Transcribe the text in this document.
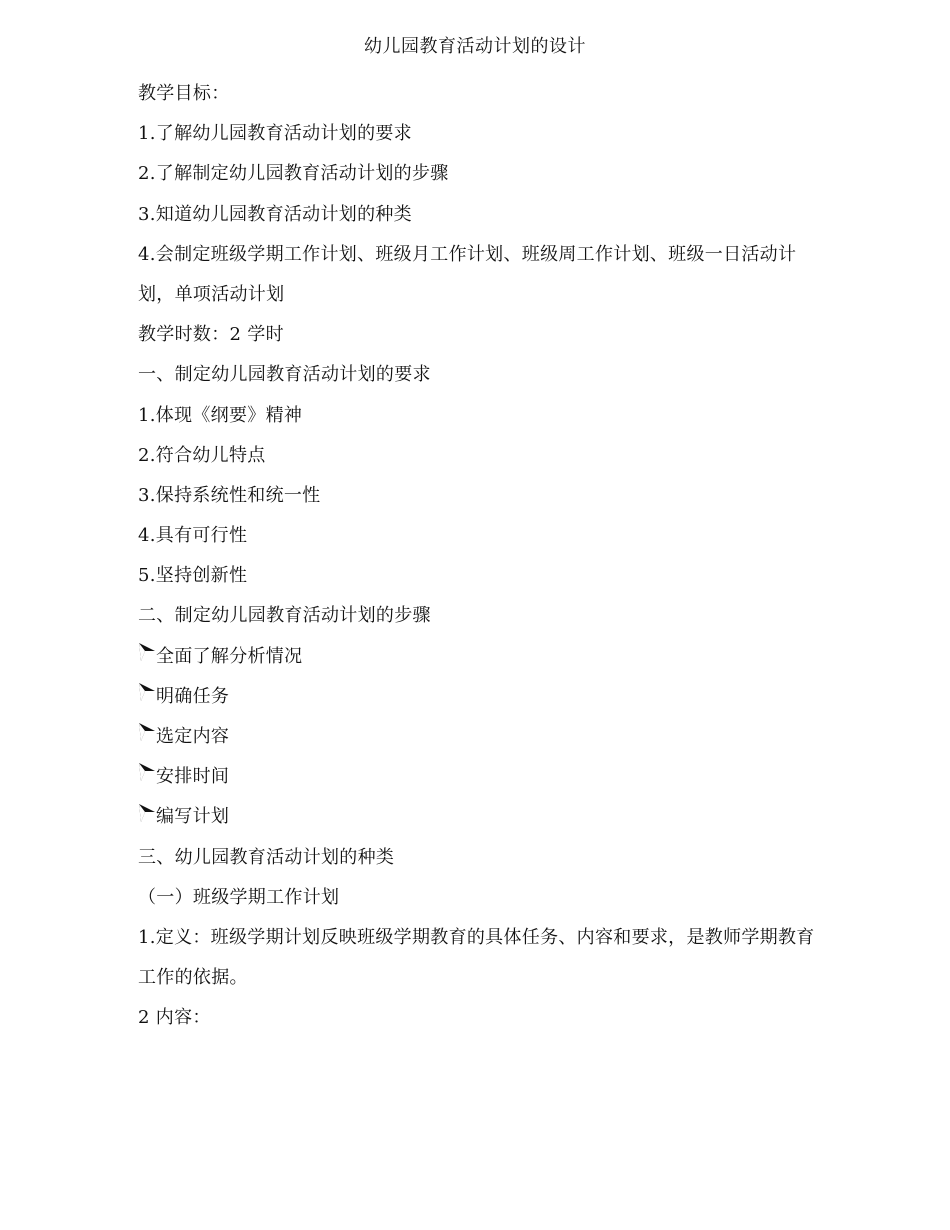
幼儿园教育活动计划的设计
教学目标：
1.了解幼儿园教育活动计划的要求
2.了解制定幼儿园教育活动计划的步骤
3.知道幼儿园教育活动计划的种类
4.会制定班级学期工作计划、班级月工作计划、班级周工作计划、班级一日活动计划，单项活动计划
教学时数：2 学时
一、制定幼儿园教育活动计划的要求
1.体现《纲要》精神
2.符合幼儿特点
3.保持系统性和统一性
4.具有可行性
5.坚持创新性
二、制定幼儿园教育活动计划的步骤
全面了解分析情况
明确任务
选定内容
安排时间
编写计划
三、幼儿园教育活动计划的种类
（一）班级学期工作计划
1.定义：班级学期计划反映班级学期教育的具体任务、内容和要求，是教师学期教育工作的依据。
2 内容：
